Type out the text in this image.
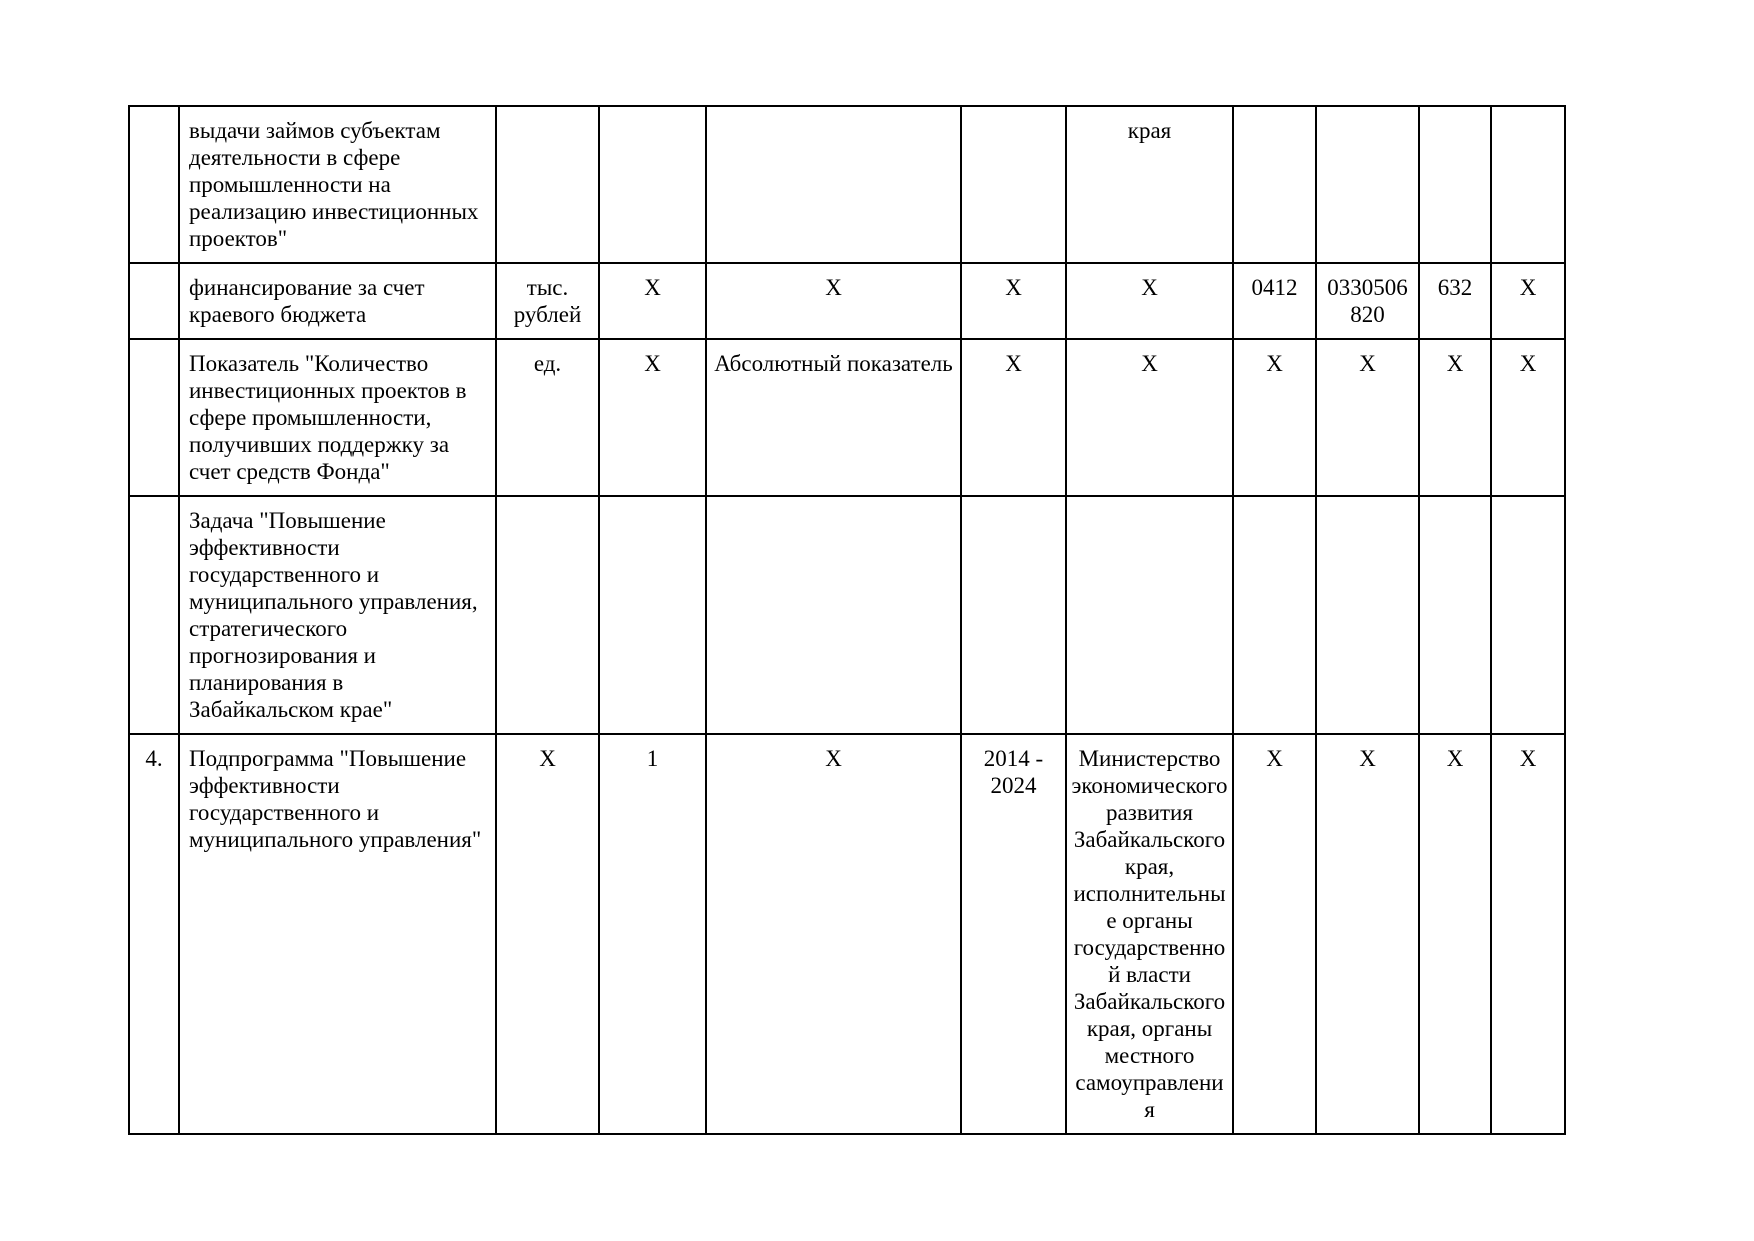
	выдачи займов субъектам деятельности в сфере промышленности на реализацию инвестиционных проектов"					края				
	финансирование за счет краевого бюджета	тыс. рублей	Х	Х	Х	Х	0412	0330506 820	632	Х
	Показатель "Количество инвестиционных проектов в сфере промышленности, получивших поддержку за счет средств Фонда"	ед.	Х	Абсолютный показатель	Х	Х	Х	Х	Х	Х
	Задача "Повышение эффективности государственного и муниципального управления, стратегического прогнозирования и планирования в Забайкальском крае"									
4.	Подпрограмма "Повышение эффективности государственного и муниципального управления"	Х	1	Х	2014 - 2024	Министерство экономического развития Забайкальского края, исполнительные органы государственной власти Забайкальского края, органы местного самоуправления	Х	Х	Х	Х
